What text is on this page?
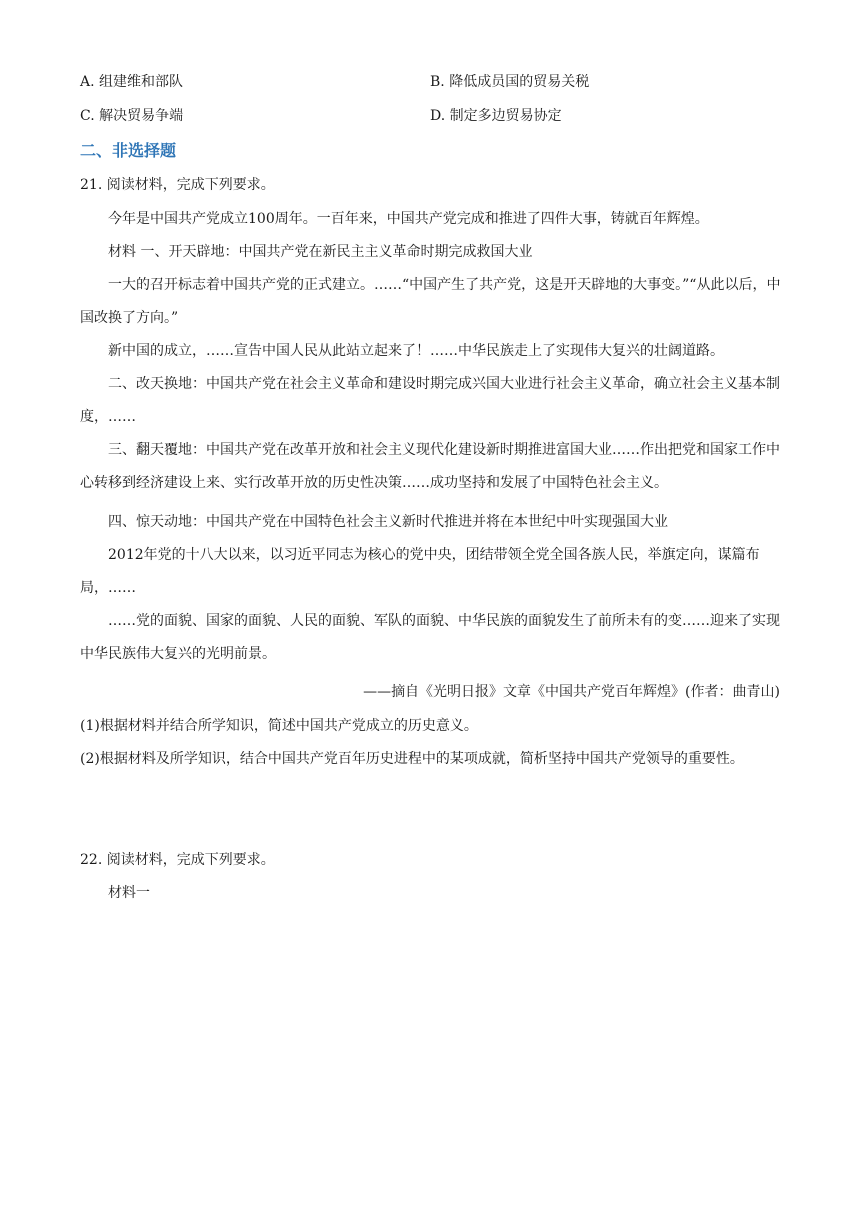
A. 组建维和部队	B. 降低成员国的贸易关税
C. 解决贸易争端	D. 制定多边贸易协定
二、非选择题
21. 阅读材料，完成下列要求。
今年是中国共产党成立100周年。一百年来，中国共产党完成和推进了四件大事，铸就百年辉煌。
材料 一、开天辟地：中国共产党在新民主主义革命时期完成救国大业
一大的召开标志着中国共产党的正式建立。……“中国产生了共产党，这是开天辟地的大事变。”“从此以后，中国改换了方向。”
新中国的成立，……宣告中国人民从此站立起来了！……中华民族走上了实现伟大复兴的壮阔道路。
二、改天换地：中国共产党在社会主义革命和建设时期完成兴国大业进行社会主义革命，确立社会主义基本制度，……
三、翻天覆地：中国共产党在改革开放和社会主义现代化建设新时期推进富国大业……作出把党和国家工作中心转移到经济建设上来、实行改革开放的历史性决策……成功坚持和发展了中国特色社会主义。
四、惊天动地：中国共产党在中国特色社会主义新时代推进并将在本世纪中叶实现强国大业
2012年党的十八大以来，以习近平同志为核心的党中央，团结带领全党全国各族人民，举旗定向，谋篇布局，……
……党的面貌、国家的面貌、人民的面貌、军队的面貌、中华民族的面貌发生了前所未有的变……迎来了实现中华民族伟大复兴的光明前景。
——摘自《光明日报》文章《中国共产党百年辉煌》(作者：曲青山)
(1)根据材料并结合所学知识，简述中国共产党成立的历史意义。
(2)根据材料及所学知识，结合中国共产党百年历史进程中的某项成就，简析坚持中国共产党领导的重要性。
22. 阅读材料，完成下列要求。
材料一
